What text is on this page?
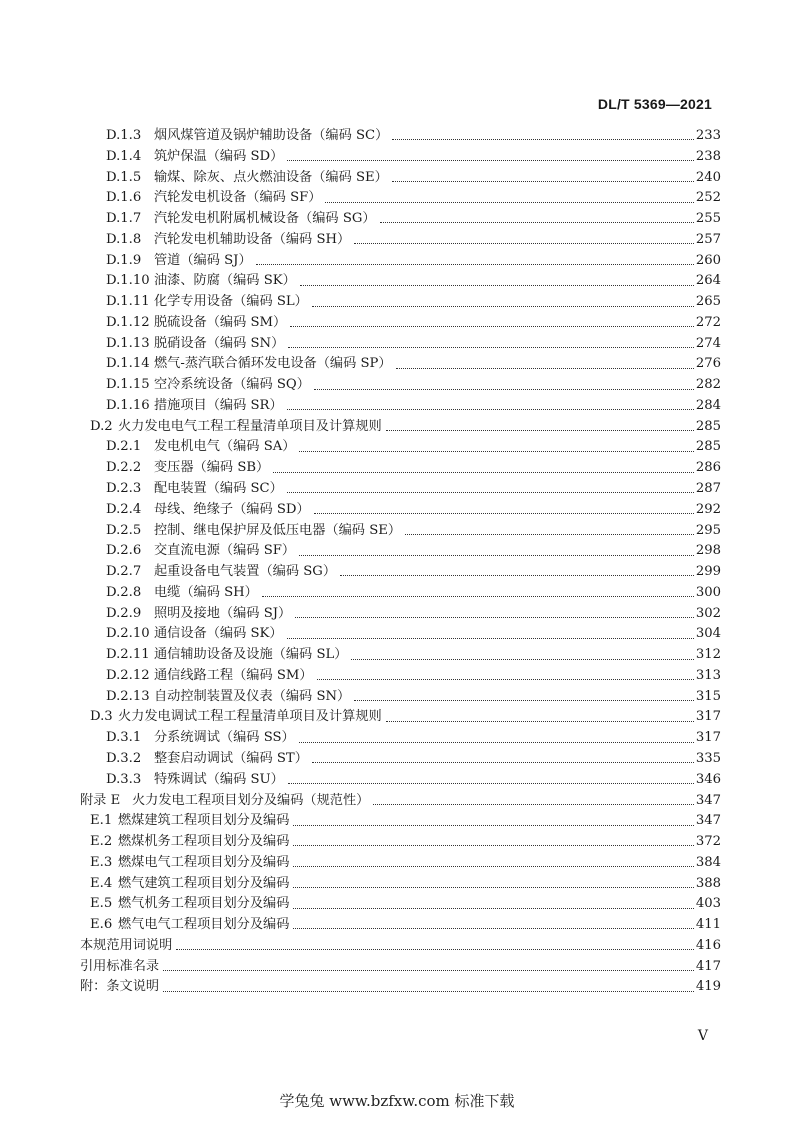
DL/T 5369—2021
D.1.3 烟风煤管道及锅炉辅助设备（编码 SC）	233
D.1.4 筑炉保温（编码 SD）	238
D.1.5 输煤、除灰、点火燃油设备（编码 SE）	240
D.1.6 汽轮发电机设备（编码 SF）	252
D.1.7 汽轮发电机附属机械设备（编码 SG）	255
D.1.8 汽轮发电机辅助设备（编码 SH）	257
D.1.9 管道（编码 SJ）	260
D.1.10 油漆、防腐（编码 SK）	264
D.1.11 化学专用设备（编码 SL）	265
D.1.12 脱硫设备（编码 SM）	272
D.1.13 脱硝设备（编码 SN）	274
D.1.14 燃气-蒸汽联合循环发电设备（编码 SP）	276
D.1.15 空冷系统设备（编码 SQ）	282
D.1.16 措施项目（编码 SR）	284
D.2 火力发电电气工程工程量清单项目及计算规则	285
D.2.1 发电机电气（编码 SA）	285
D.2.2 变压器（编码 SB）	286
D.2.3 配电装置（编码 SC）	287
D.2.4 母线、绝缘子（编码 SD）	292
D.2.5 控制、继电保护屏及低压电器（编码 SE）	295
D.2.6 交直流电源（编码 SF）	298
D.2.7 起重设备电气装置（编码 SG）	299
D.2.8 电缆（编码 SH）	300
D.2.9 照明及接地（编码 SJ）	302
D.2.10 通信设备（编码 SK）	304
D.2.11 通信辅助设备及设施（编码 SL）	312
D.2.12 通信线路工程（编码 SM）	313
D.2.13 自动控制装置及仪表（编码 SN）	315
D.3 火力发电调试工程工程量清单项目及计算规则	317
D.3.1 分系统调试（编码 SS）	317
D.3.2 整套启动调试（编码 ST）	335
D.3.3 特殊调试（编码 SU）	346
附录 E 火力发电工程项目划分及编码（规范性）	347
E.1 燃煤建筑工程项目划分及编码	347
E.2 燃煤机务工程项目划分及编码	372
E.3 燃煤电气工程项目划分及编码	384
E.4 燃气建筑工程项目划分及编码	388
E.5 燃气机务工程项目划分及编码	403
E.6 燃气电气工程项目划分及编码	411
本规范用词说明	416
引用标准名录	417
附：条文说明	419
V
学兔兔 www.bzfxw.com 标准下载
